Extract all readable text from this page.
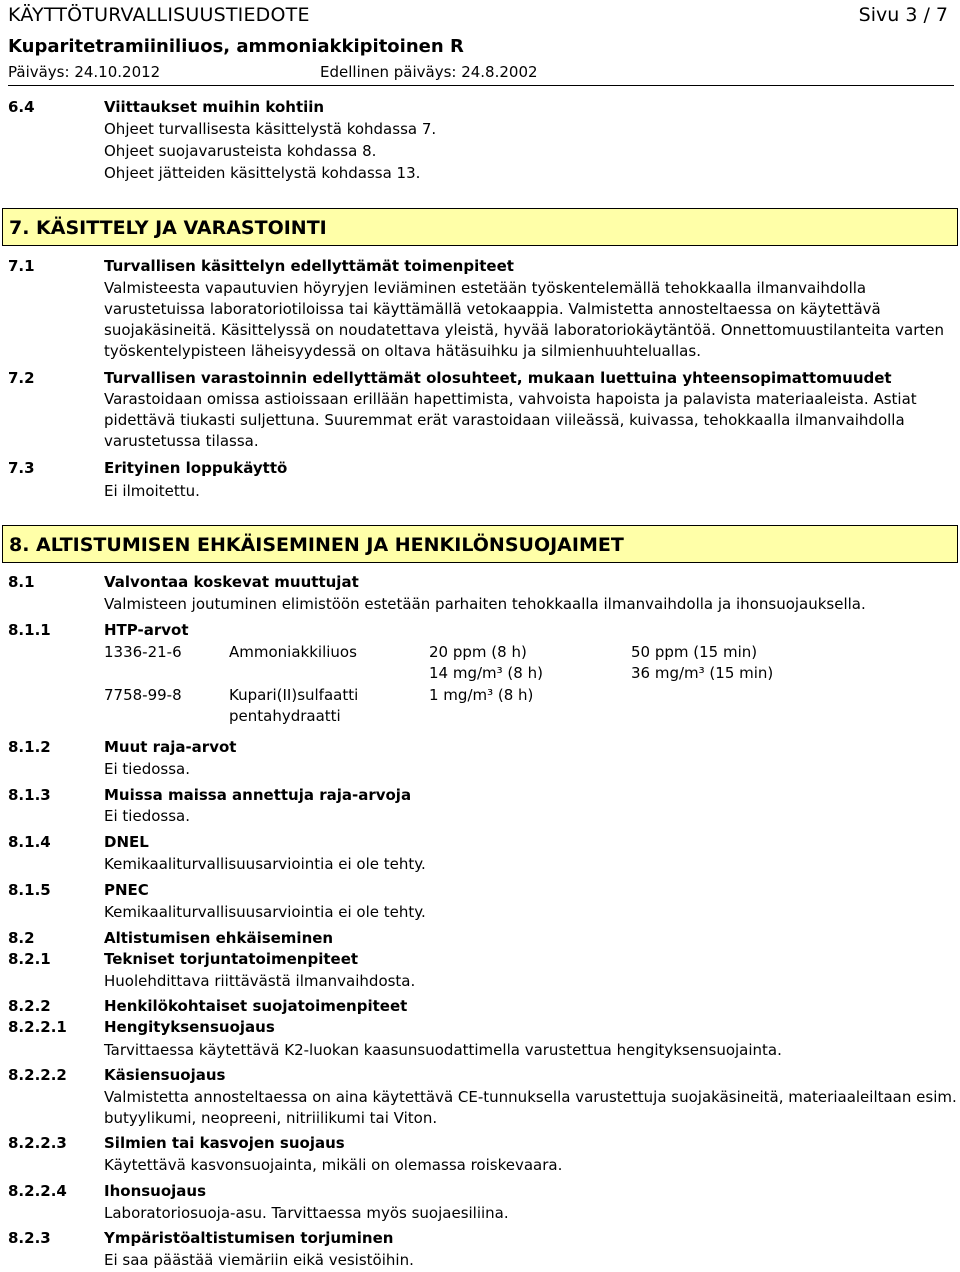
KÄYTTÖTURVALLISUUSTIEDOTE	Sivu 3 / 7
Kuparitetramiiniliuos, ammoniakkipitoinen R
Päiväys: 24.10.2012	Edellinen päiväys: 24.8.2002
6.4	Viittaukset muihin kohtiin
Ohjeet turvallisesta käsittelystä kohdassa 7.
Ohjeet suojavarusteista kohdassa 8.
Ohjeet jätteiden käsittelystä kohdassa 13.
7. KÄSITTELY JA VARASTOINTI
7.1	Turvallisen käsittelyn edellyttämät toimenpiteet
Valmisteesta vapautuvien höyryjen leviäminen estetään työskentelemällä tehokkaalla ilmanvaihdolla
varustetuissa laboratoriotiloissa tai käyttämällä vetokaappia. Valmistetta annosteltaessa on käytettävä
suojakäsineitä. Käsittelyssä on noudatettava yleistä, hyvää laboratoriokäytäntöä. Onnettomuustilanteita varten
työskentelypisteen läheisyydessä on oltava hätäsuihku ja silmienhuuhteluallas.
7.2	Turvallisen varastoinnin edellyttämät olosuhteet, mukaan luettuina yhteensopimattomuudet
Varastoidaan omissa astioissaan erillään hapettimista, vahvoista hapoista ja palavista materiaaleista. Astiat
pidettävä tiukasti suljettuna. Suuremmat erät varastoidaan viileässä, kuivassa, tehokkaalla ilmanvaihdolla
varustetussa tilassa.
7.3	Erityinen loppukäyttö
Ei ilmoitettu.
8. ALTISTUMISEN EHKÄISEMINEN JA HENKILÖNSUOJAIMET
8.1	Valvontaa koskevat muuttujat
Valmisteen joutuminen elimistöön estetään parhaiten tehokkaalla ilmanvaihdolla ja ihonsuojauksella.
8.1.1	HTP-arvot
1336-21-6	Ammoniakkiliuos	20 ppm (8 h)	50 ppm (15 min)
14 mg/m³ (8 h)	36 mg/m³ (15 min)
7758-99-8	Kupari(II)sulfaatti	1 mg/m³ (8 h)
pentahydraatti
8.1.2	Muut raja-arvot
Ei tiedossa.
8.1.3	Muissa maissa annettuja raja-arvoja
Ei tiedossa.
8.1.4	DNEL
Kemikaaliturvallisuusarviointia ei ole tehty.
8.1.5	PNEC
Kemikaaliturvallisuusarviointia ei ole tehty.
8.2	Altistumisen ehkäiseminen
8.2.1	Tekniset torjuntatoimenpiteet
Huolehdittava riittävästä ilmanvaihdosta.
8.2.2	Henkilökohtaiset suojatoimenpiteet
8.2.2.1 Hengityksensuojaus
Tarvittaessa käytettävä K2-luokan kaasunsuodattimella varustettua hengityksensuojainta.
8.2.2.2 Käsiensuojaus
Valmistetta annosteltaessa on aina käytettävä CE-tunnuksella varustettuja suojakäsineitä, materiaaleiltaan esim.
butyylikumi, neopreeni, nitriilikumi tai Viton.
8.2.2.3 Silmien tai kasvojen suojaus
Käytettävä kasvonsuojainta, mikäli on olemassa roiskevaara.
8.2.2.4 Ihonsuojaus
Laboratoriosuoja-asu. Tarvittaessa myös suojaesiliina.
8.2.3	Ympäristöaltistumisen torjuminen
Ei saa päästää viemäriin eikä vesistöihin.
